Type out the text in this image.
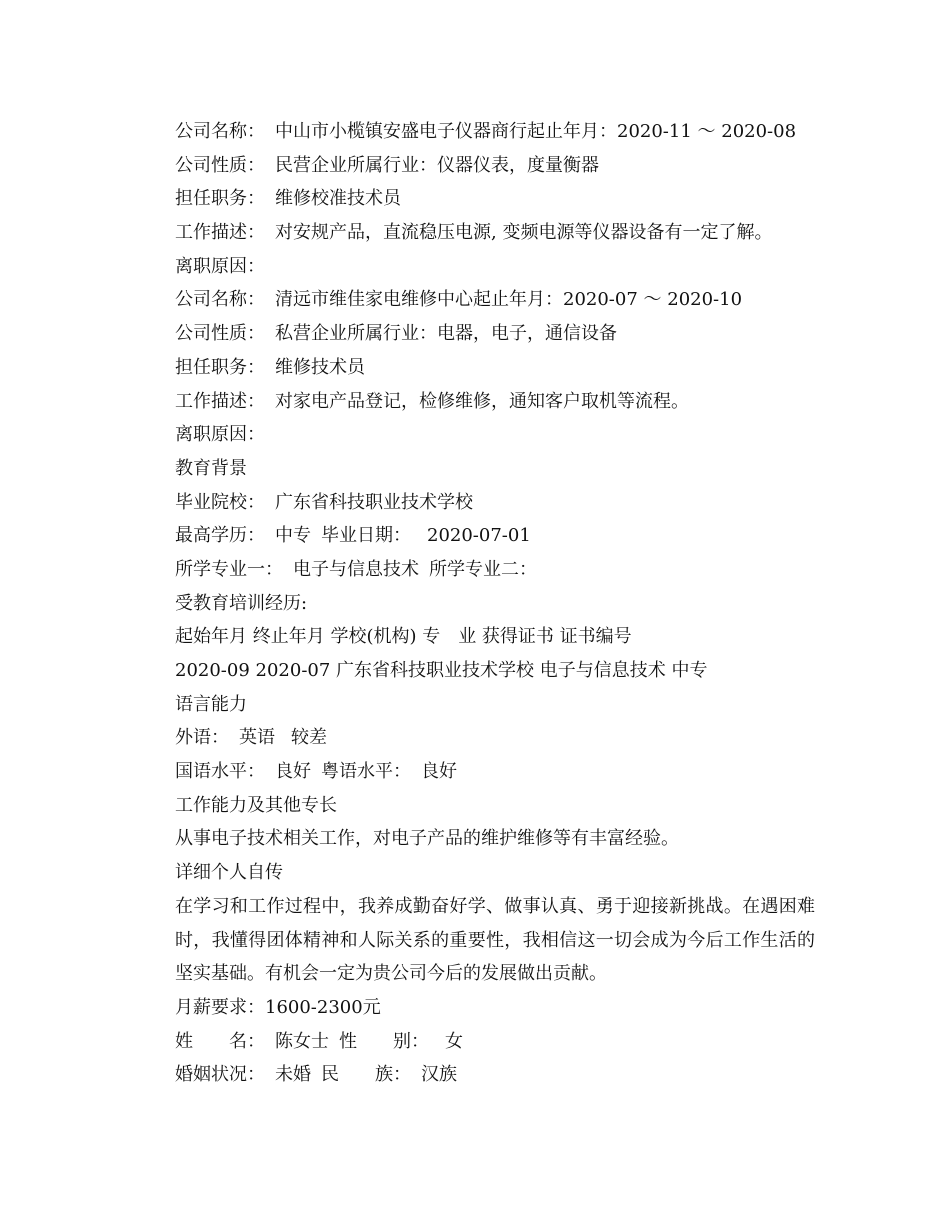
公司名称： 中山市小榄镇安盛电子仪器商行起止年月：2020-11 ～ 2020-08
公司性质： 民营企业所属行业：仪器仪表，度量衡器
担任职务： 维修校准技术员
工作描述： 对安规产品，直流稳压电源, 变频电源等仪器设备有一定了解。
离职原因：
公司名称： 清远市维佳家电维修中心起止年月：2020-07 ～ 2020-10
公司性质： 私营企业所属行业：电器，电子，通信设备
担任职务： 维修技术员
工作描述： 对家电产品登记，检修维修，通知客户取机等流程。
离职原因：
教育背景
毕业院校： 广东省科技职业技术学校
最高学历： 中专 毕业日期： 2020-07-01
所学专业一： 电子与信息技术 所学专业二：
受教育培训经历:
起始年月 终止年月 学校(机构) 专　业 获得证书 证书编号
2020-09 2020-07 广东省科技职业技术学校 电子与信息技术 中专
语言能力
外语： 英语 较差
国语水平： 良好 粤语水平： 良好
工作能力及其他专长
从事电子技术相关工作，对电子产品的维护维修等有丰富经验。
详细个人自传
在学习和工作过程中，我养成勤奋好学、做事认真、勇于迎接新挑战。在遇困难时，我懂得团体精神和人际关系的重要性，我相信这一切会成为今后工作生活的坚实基础。有机会一定为贵公司今后的发展做出贡献。
月薪要求：1600-2300元
姓　　名： 陈女士 性　　别： 女
婚姻状况： 未婚 民　　族： 汉族
